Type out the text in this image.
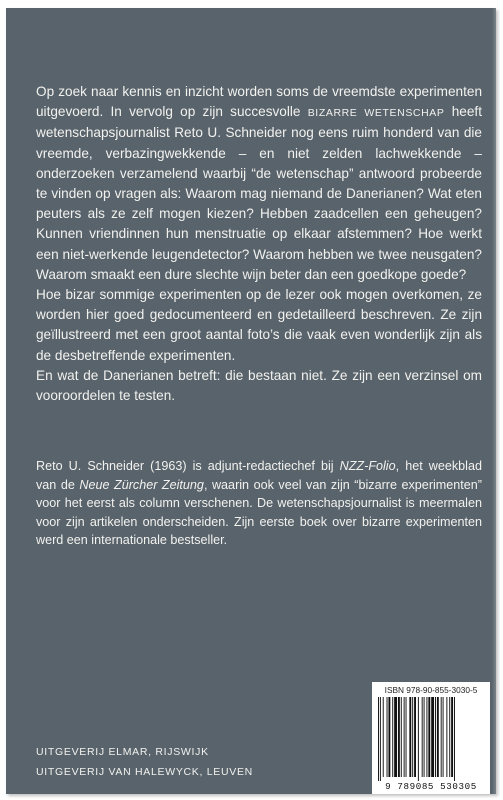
Op zoek naar kennis en inzicht worden soms de vreemdste experimenten uitgevoerd. In vervolg op zijn succesvolle BIZARRE WETENSCHAP heeft wetenschapsjournalist Reto U. Schneider nog eens ruim honderd van die vreemde, verbazingwekkende – en niet zelden lachwekkende – onderzoeken verzamelend waarbij “de wetenschap” antwoord probeerde te vinden op vragen als: Waarom mag niemand de Danerianen? Wat eten peuters als ze zelf mogen kiezen? Hebben zaadcellen een geheugen? Kunnen vriendinnen hun menstruatie op elkaar afstemmen? Hoe werkt een niet-werkende leugendetector? Waarom hebben we twee neusgaten? Waarom smaakt een dure slechte wijn beter dan een goedkope goede?

Hoe bizar sommige experimenten op de lezer ook mogen overkomen, ze worden hier goed gedocumenteerd en gedetailleerd beschreven. Ze zijn geïllustreerd met een groot aantal foto’s die vaak even wonderlijk zijn als de desbetreffende experimenten.

En wat de Danerianen betreft: die bestaan niet. Ze zijn een verzinsel om vooroordelen te testen.

Reto U. Schneider (1963) is adjunt-redactiechef bij NZZ-Folio, het weekblad van de Neue Zürcher Zeitung, waarin ook veel van zijn “bizarre experimenten” voor het eerst als column verschenen. De wetenschapsjournalist is meermalen voor zijn artikelen onderscheiden. Zijn eerste boek over bizarre experimenten werd een internationale bestseller.

UITGEVERIJ ELMAR, RIJSWIJK
UITGEVERIJ VAN HALEWYCK, LEUVEN
ISBN 978-90-855-3030-5
9 789085 530305
